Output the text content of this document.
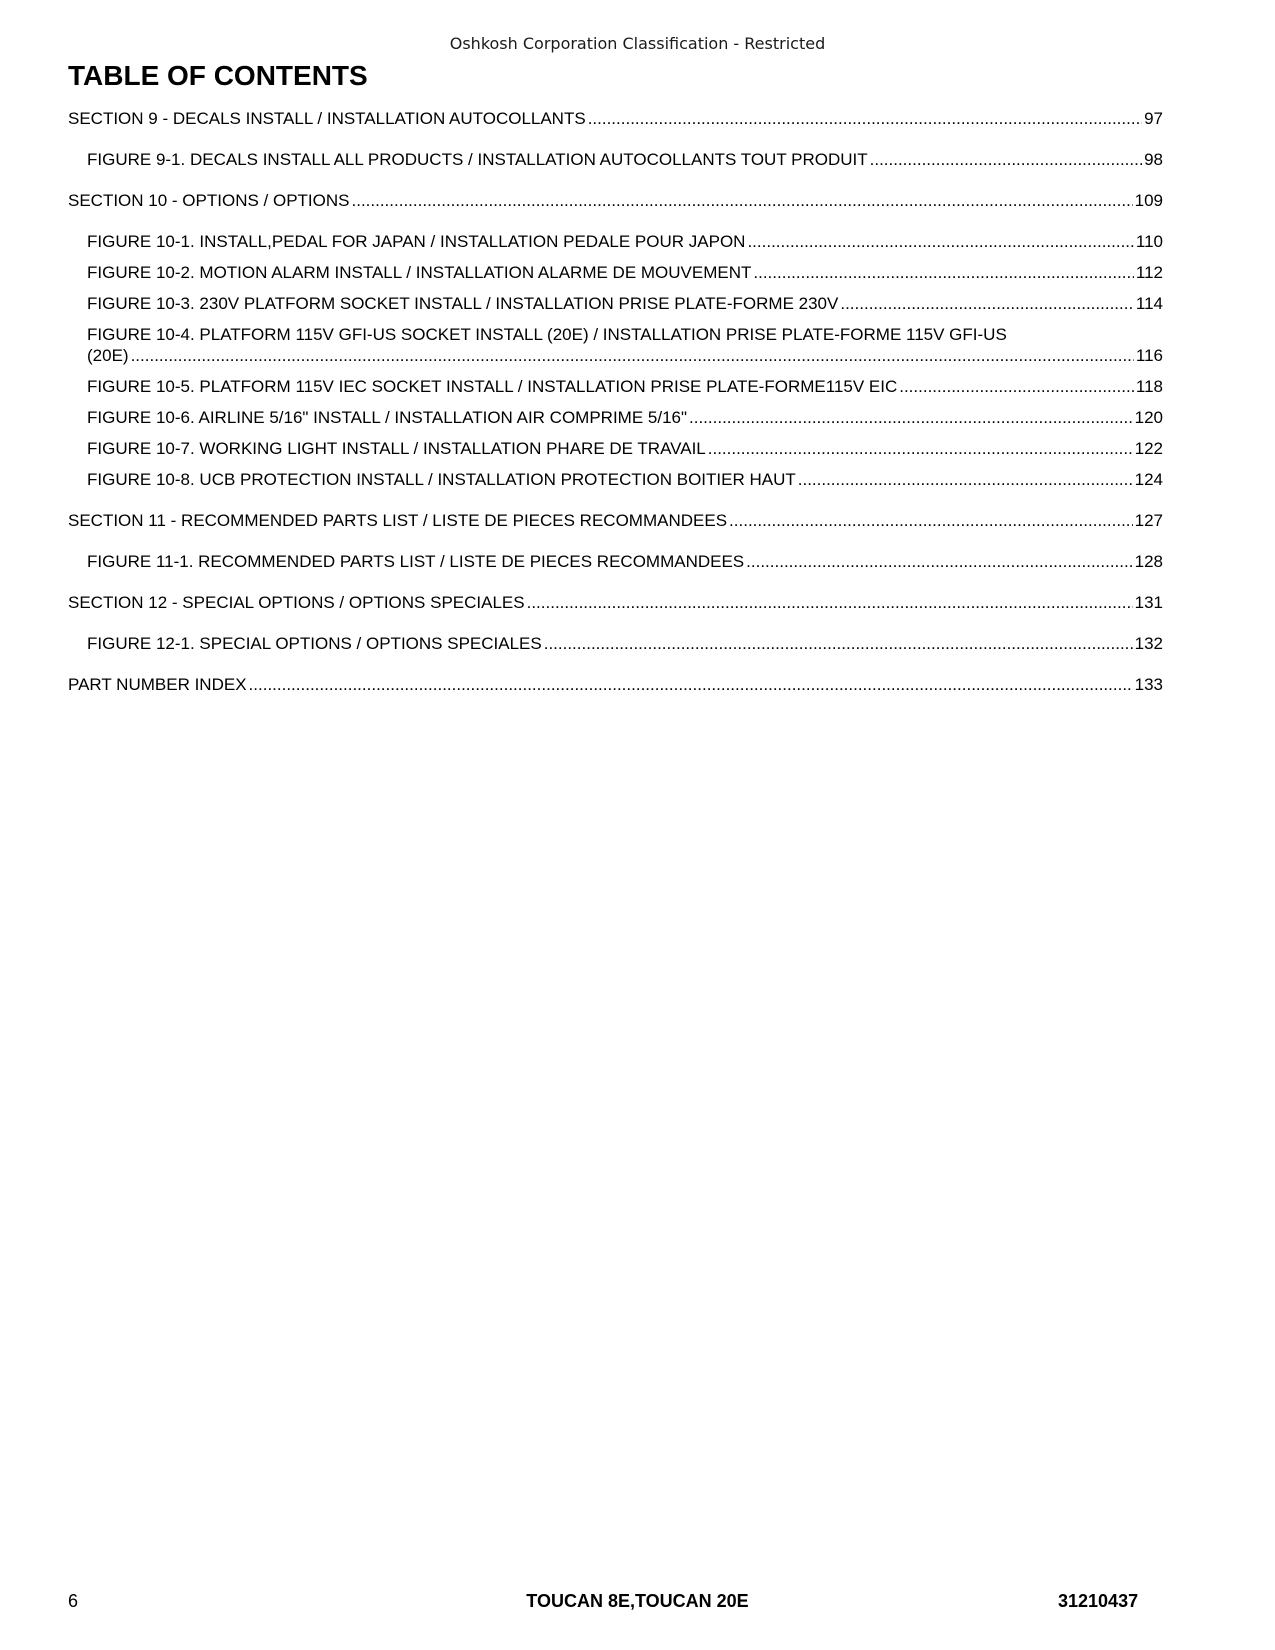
Oshkosh Corporation Classification - Restricted
TABLE OF CONTENTS
SECTION 9 - DECALS INSTALL / INSTALLATION AUTOCOLLANTS .....	97
FIGURE 9-1. DECALS INSTALL ALL PRODUCTS / INSTALLATION AUTOCOLLANTS TOUT PRODUIT .....	98
SECTION 10 - OPTIONS / OPTIONS .....	109
FIGURE 10-1. INSTALL,PEDAL FOR JAPAN / INSTALLATION PEDALE POUR JAPON .....	110
FIGURE 10-2. MOTION ALARM INSTALL / INSTALLATION ALARME DE MOUVEMENT .....	112
FIGURE 10-3. 230V PLATFORM SOCKET INSTALL / INSTALLATION PRISE PLATE-FORME 230V .....	114
FIGURE 10-4. PLATFORM 115V GFI-US SOCKET INSTALL (20E) / INSTALLATION PRISE PLATE-FORME 115V GFI-US
(20E) .....	116
FIGURE 10-5. PLATFORM 115V IEC SOCKET INSTALL / INSTALLATION PRISE PLATE-FORME115V EIC .....	118
FIGURE 10-6. AIRLINE 5/16" INSTALL / INSTALLATION AIR COMPRIME 5/16" .....	120
FIGURE 10-7. WORKING LIGHT INSTALL / INSTALLATION PHARE DE TRAVAIL .....	122
FIGURE 10-8. UCB PROTECTION INSTALL / INSTALLATION PROTECTION BOITIER HAUT .....	124
SECTION 11 - RECOMMENDED PARTS LIST / LISTE DE PIECES RECOMMANDEES .....	127
FIGURE 11-1. RECOMMENDED PARTS LIST / LISTE DE PIECES RECOMMANDEES .....	128
SECTION 12 - SPECIAL OPTIONS / OPTIONS SPECIALES .....	131
FIGURE 12-1. SPECIAL OPTIONS / OPTIONS SPECIALES .....	132
PART NUMBER INDEX .....	133
6	TOUCAN 8E,TOUCAN 20E	31210437
